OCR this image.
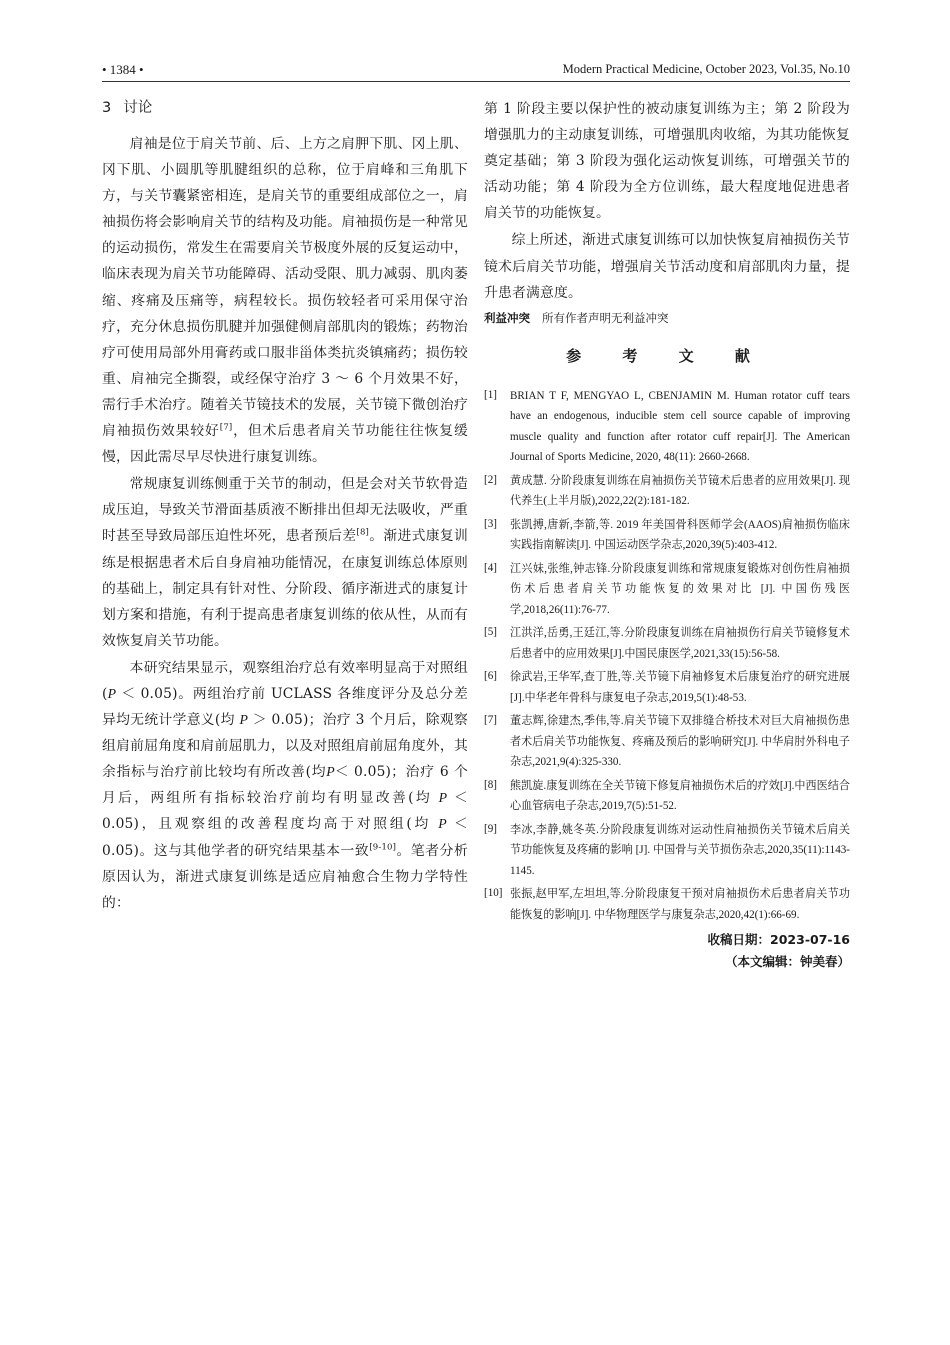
• 1384 •	Modern Practical Medicine, October 2023, Vol.35, No.10
3 讨论

肩袖是位于肩关节前、后、上方之肩胛下肌、冈上肌、冈下肌、小圆肌等肌腱组织的总称，位于肩峰和三角肌下方，与关节囊紧密相连，是肩关节的重要组成部位之一，肩袖损伤将会影响肩关节的结构及功能。肩袖损伤是一种常见的运动损伤，常发生在需要肩关节极度外展的反复运动中，临床表现为肩关节功能障碍、活动受限、肌力减弱、肌肉萎缩、疼痛及压痛等，病程较长。损伤较轻者可采用保守治疗，充分休息损伤肌腱并加强健侧肩部肌肉的锻炼；药物治疗可使用局部外用膏药或口服非甾体类抗炎镇痛药；损伤较重、肩袖完全撕裂，或经保守治疗 3 ～ 6 个月效果不好，需行手术治疗。随着关节镜技术的发展，关节镜下微创治疗肩袖损伤效果较好[7]，但术后患者肩关节功能往往恢复缓慢，因此需尽早尽快进行康复训练。

常规康复训练侧重于关节的制动，但是会对关节软骨造成压迫，导致关节滑面基质液不断排出但却无法吸收，严重时甚至导致局部压迫性坏死，患者预后差[8]。渐进式康复训练是根据患者术后自身肩袖功能情况，在康复训练总体原则的基础上，制定具有针对性、分阶段、循序渐进式的康复计划方案和措施，有利于提高患者康复训练的依从性，从而有效恢复肩关节功能。

本研究结果显示，观察组治疗总有效率明显高于对照组(P ＜ 0.05)。两组治疗前 UCLASS 各维度评分及总分差异均无统计学意义(均 P ＞ 0.05)；治疗 3 个月后，除观察组肩前屈角度和肩前屈肌力，以及对照组肩前屈角度外，其余指标与治疗前比较均有所改善(均P＜ 0.05)；治疗 6 个月后，两组所有指标较治疗前均有明显改善(均 P ＜ 0.05)，且观察组的改善程度均高于对照组(均 P ＜ 0.05)。这与其他学者的研究结果基本一致[9-10]。笔者分析原因认为，渐进式康复训练是适应肩袖愈合生物力学特性的：

第 1 阶段主要以保护性的被动康复训练为主；第 2 阶段为增强肌力的主动康复训练，可增强肌肉收缩，为其功能恢复奠定基础；第 3 阶段为强化运动恢复训练，可增强关节的活动功能；第 4 阶段为全方位训练，最大程度地促进患者肩关节的功能恢复。

综上所述，渐进式康复训练可以加快恢复肩袖损伤关节镜术后肩关节功能，增强肩关节活动度和肩部肌肉力量，提升患者满意度。

利益冲突 所有作者声明无利益冲突

参 考 文 献
[1] BRIAN T F, MENGYAO L, CBENJAMIN M. Human rotator cuff tears have an endogenous, inducible stem cell source capable of improving muscle quality and function after rotator cuff repair[J]. The American Journal of Sports Medicine, 2020, 48(11): 2660-2668.
[2] 黄成慧. 分阶段康复训练在肩袖损伤关节镜术后患者的应用效果[J]. 现代养生(上半月版),2022,22(2):181-182.
[3] 张凯搏,唐新,李箭,等. 2019 年美国骨科医师学会(AAOS)肩袖损伤临床实践指南解读[J]. 中国运动医学杂志,2020,39(5):403-412.
[4] 江兴妹,张维,钟志锋.分阶段康复训练和常规康复锻炼对创伤性肩袖损伤术后患者肩关节功能恢复的效果对比 [J]. 中国伤残医学,2018,26(11):76-77.
[5] 江洪洋,岳勇,王廷江,等.分阶段康复训练在肩袖损伤行肩关节镜修复术后患者中的应用效果[J].中国民康医学,2021,33(15):56-58.
[6] 徐武岩,王华军,查丁胜,等.关节镜下肩袖修复术后康复治疗的研究进展[J].中华老年骨科与康复电子杂志,2019,5(1):48-53.
[7] 董志辉,徐建杰,季伟,等.肩关节镜下双排缝合桥技术对巨大肩袖损伤患者术后肩关节功能恢复、疼痛及预后的影响研究[J]. 中华肩肘外科电子杂志,2021,9(4):325-330.
[8] 熊凯旋.康复训练在全关节镜下修复肩袖损伤术后的疗效[J].中西医结合心血管病电子杂志,2019,7(5):51-52.
[9] 李冰,李静,姚冬英.分阶段康复训练对运动性肩袖损伤关节镜术后肩关节功能恢复及疼痛的影响 [J]. 中国骨与关节损伤杂志,2020,35(11):1143-1145.
[10] 张振,赵甲军,左坦坦,等.分阶段康复干预对肩袖损伤术后患者肩关节功能恢复的影响[J]. 中华物理医学与康复杂志,2020,42(1):66-69.
收稿日期：2023-07-16
（本文编辑：钟美春）
